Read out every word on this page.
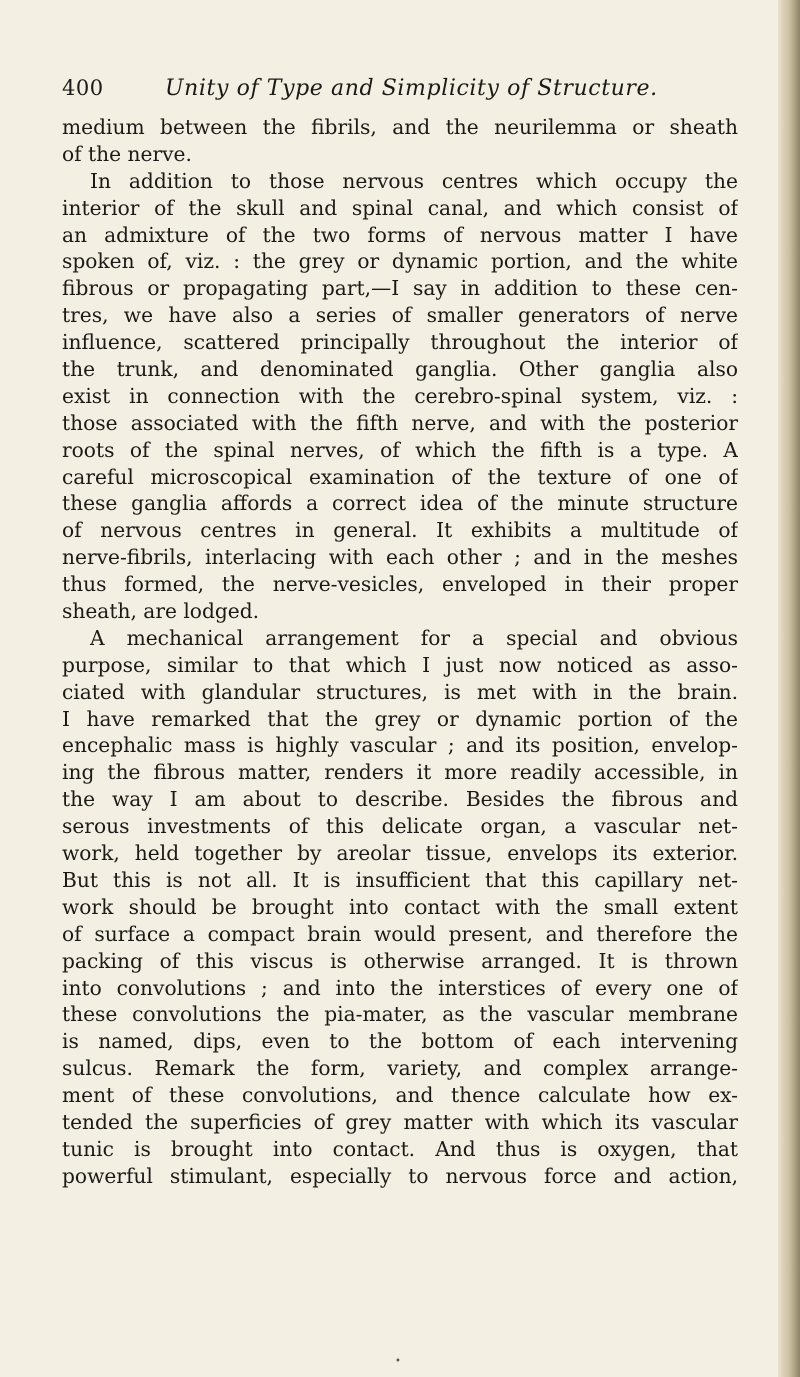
400	Unity of Type and Simplicity of Structure.
medium between the fibrils, and the neurilemma or sheath
of the nerve.
In addition to those nervous centres which occupy the
interior of the skull and spinal canal, and which consist of
an admixture of the two forms of nervous matter I have
spoken of, viz. : the grey or dynamic portion, and the white
fibrous or propagating part,—I say in addition to these cen-
tres, we have also a series of smaller generators of nerve
influence, scattered principally throughout the interior of
the trunk, and denominated ganglia. Other ganglia also
exist in connection with the cerebro-spinal system, viz. :
those associated with the fifth nerve, and with the posterior
roots of the spinal nerves, of which the fifth is a type. A
careful microscopical examination of the texture of one of
these ganglia affords a correct idea of the minute structure
of nervous centres in general. It exhibits a multitude of
nerve-fibrils, interlacing with each other ; and in the meshes
thus formed, the nerve-vesicles, enveloped in their proper
sheath, are lodged.
A mechanical arrangement for a special and obvious
purpose, similar to that which I just now noticed as asso-
ciated with glandular structures, is met with in the brain.
I have remarked that the grey or dynamic portion of the
encephalic mass is highly vascular ; and its position, envelop-
ing the fibrous matter, renders it more readily accessible, in
the way I am about to describe. Besides the fibrous and
serous investments of this delicate organ, a vascular net-
work, held together by areolar tissue, envelops its exterior.
But this is not all. It is insufficient that this capillary net-
work should be brought into contact with the small extent
of surface a compact brain would present, and therefore the
packing of this viscus is otherwise arranged. It is thrown
into convolutions ; and into the interstices of every one of
these convolutions the pia-mater, as the vascular membrane
is named, dips, even to the bottom of each intervening
sulcus. Remark the form, variety, and complex arrange-
ment of these convolutions, and thence calculate how ex-
tended the superficies of grey matter with which its vascular
tunic is brought into contact. And thus is oxygen, that
powerful stimulant, especially to nervous force and action,
•
